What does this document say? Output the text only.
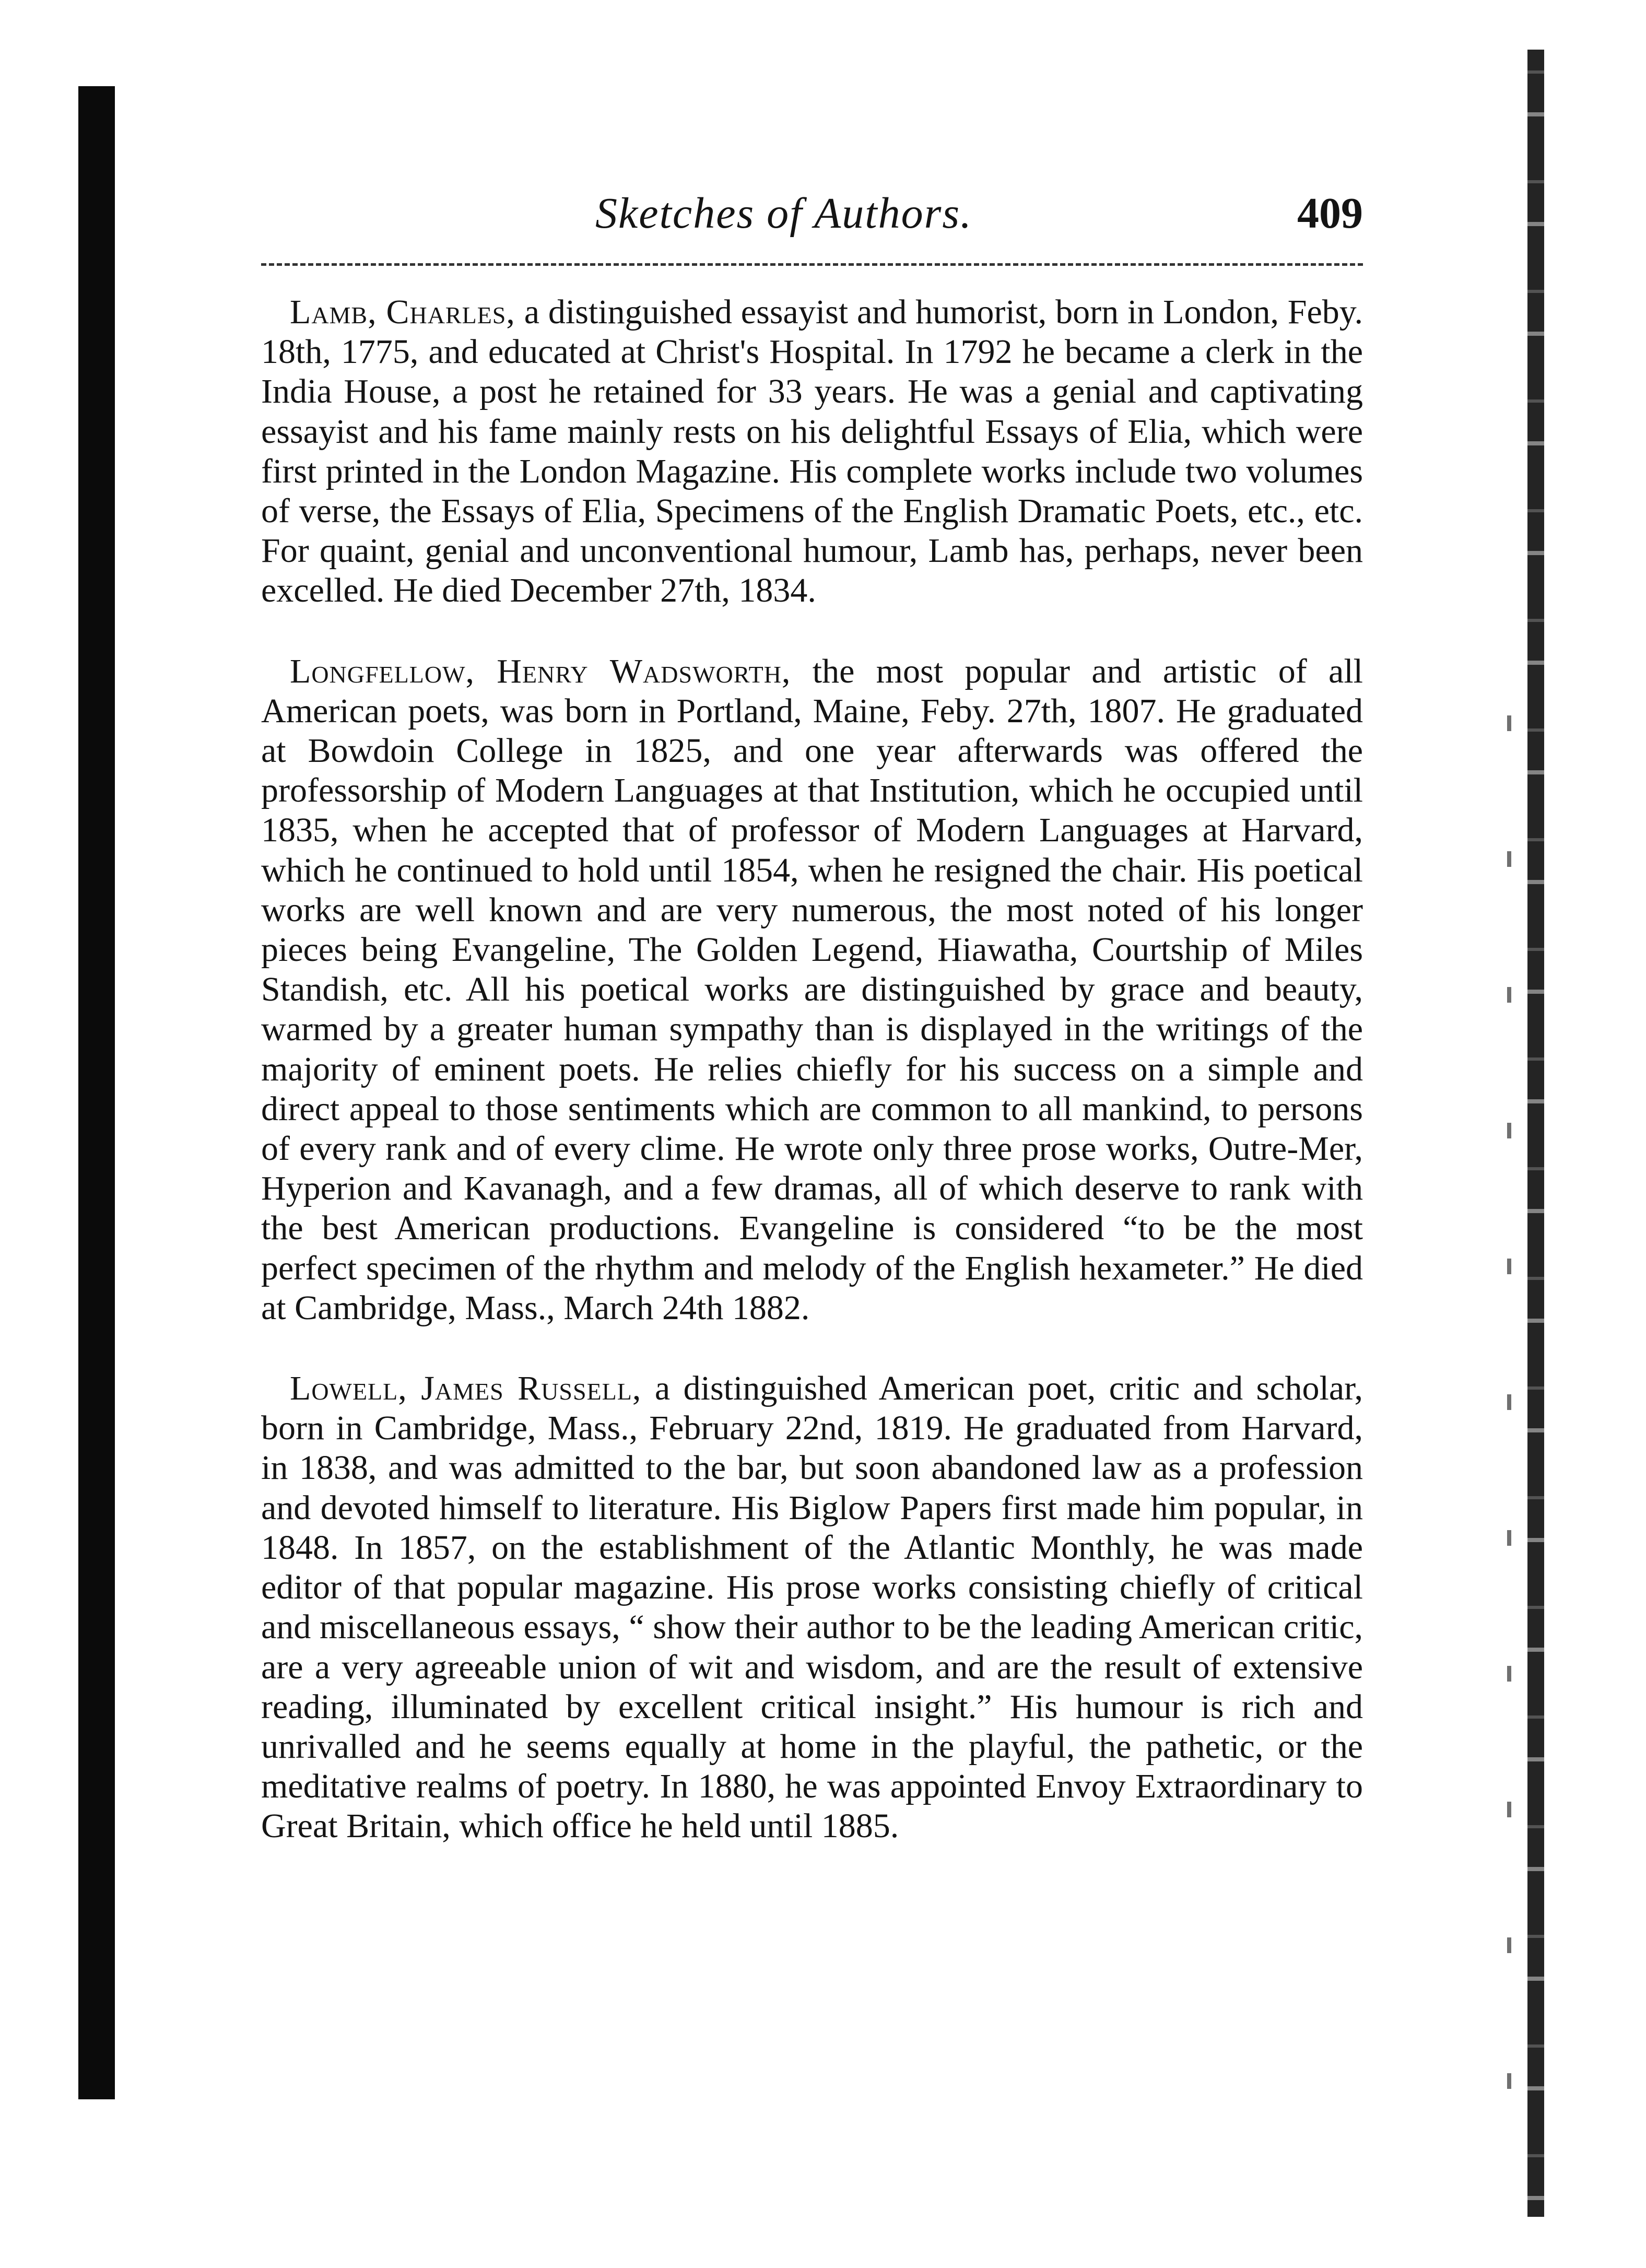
Sketches of Authors.	409

Lamb, Charles, a distinguished essayist and humorist, born in London, Feby. 18th, 1775, and educated at Christ's Hospital. In 1792 he became a clerk in the India House, a post he retained for 33 years. He was a genial and captivating essayist and his fame mainly rests on his delightful Essays of Elia, which were first printed in the London Magazine. His complete works include two volumes of verse, the Essays of Elia, Specimens of the English Dramatic Poets, etc., etc. For quaint, genial and unconventional humour, Lamb has, perhaps, never been excelled. He died December 27th, 1834.

Longfellow, Henry Wadsworth, the most popular and artistic of all American poets, was born in Portland, Maine, Feby. 27th, 1807. He graduated at Bowdoin College in 1825, and one year afterwards was offered the professorship of Modern Languages at that Institution, which he occupied until 1835, when he accepted that of professor of Modern Languages at Harvard, which he continued to hold until 1854, when he resigned the chair. His poetical works are well known and are very numerous, the most noted of his longer pieces being Evangeline, The Golden Legend, Hiawatha, Courtship of Miles Standish, etc. All his poetical works are distinguished by grace and beauty, warmed by a greater human sympathy than is displayed in the writings of the majority of eminent poets. He relies chiefly for his success on a simple and direct appeal to those sentiments which are common to all mankind, to persons of every rank and of every clime. He wrote only three prose works, Outre-Mer, Hyperion and Kavanagh, and a few dramas, all of which deserve to rank with the best American productions. Evangeline is considered “to be the most perfect specimen of the rhythm and melody of the English hexameter.” He died at Cambridge, Mass., March 24th 1882.

Lowell, James Russell, a distinguished American poet, critic and scholar, born in Cambridge, Mass., February 22nd, 1819. He graduated from Harvard, in 1838, and was admitted to the bar, but soon abandoned law as a profession and devoted himself to literature. His Biglow Papers first made him popular, in 1848. In 1857, on the establishment of the Atlantic Monthly, he was made editor of that popular magazine. His prose works consisting chiefly of critical and miscellaneous essays, “ show their author to be the leading American critic, are a very agreeable union of wit and wisdom, and are the result of extensive reading, illuminated by excellent critical insight.” His humour is rich and unrivalled and he seems equally at home in the playful, the pathetic, or the meditative realms of poetry. In 1880, he was appointed Envoy Extraordinary to Great Britain, which office he held until 1885.
